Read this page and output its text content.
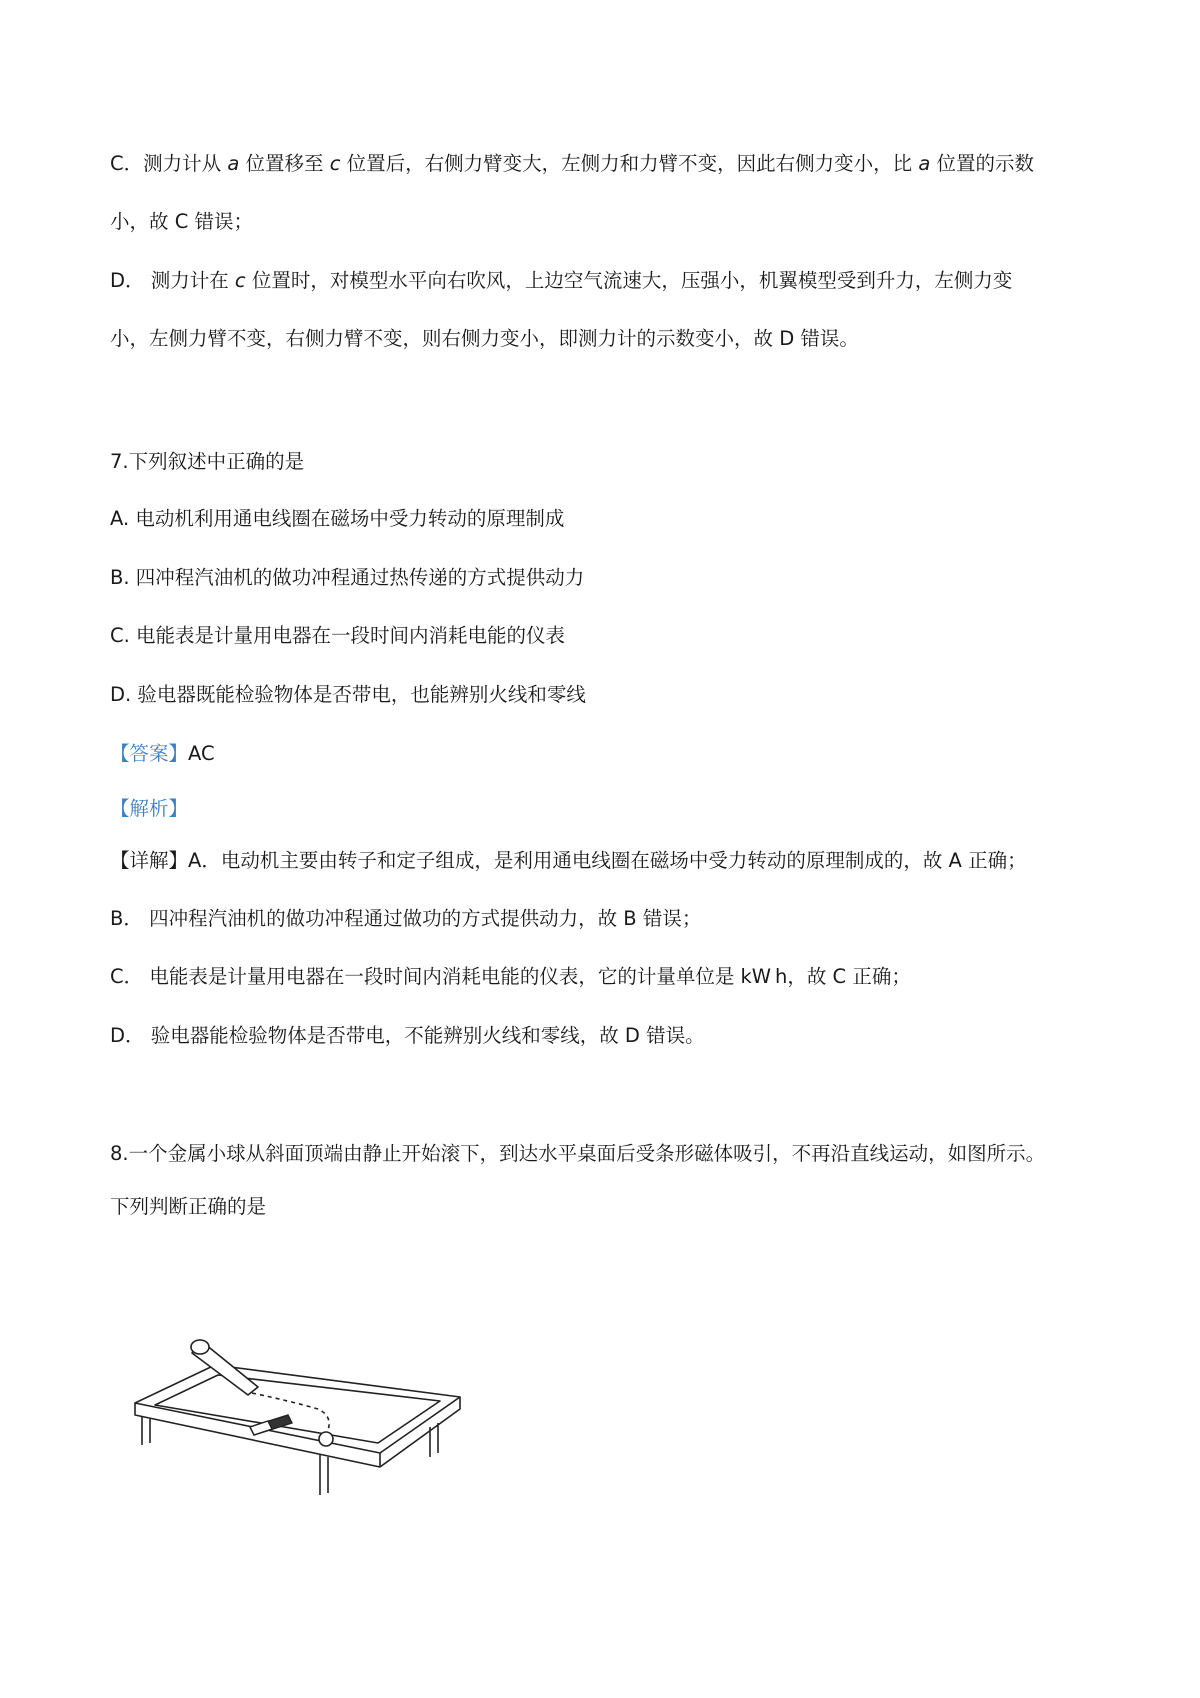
C．测力计从 a 位置移至 c 位置后，右侧力臂变大，左侧力和力臂不变，因此右侧力变小，比 a 位置的示数
小，故 C 错误；
D． 测力计在 c 位置时，对模型水平向右吹风，上边空气流速大，压强小，机翼模型受到升力，左侧力变
小，左侧力臂不变，右侧力臂不变，则右侧力变小，即测力计的示数变小，故 D 错误。
7.下列叙述中正确的是
A. 电动机利用通电线圈在磁场中受力转动的原理制成
B. 四冲程汽油机的做功冲程通过热传递的方式提供动力
C. 电能表是计量用电器在一段时间内消耗电能的仪表
D. 验电器既能检验物体是否带电，也能辨别火线和零线
【答案】AC
【解析】
【详解】A．电动机主要由转子和定子组成，是利用通电线圈在磁场中受力转动的原理制成的，故 A 正确；
B． 四冲程汽油机的做功冲程通过做功的方式提供动力，故 B 错误；
C． 电能表是计量用电器在一段时间内消耗电能的仪表，它的计量单位是 kW h，故 C 正确；
D． 验电器能检验物体是否带电，不能辨别火线和零线，故 D 错误。
8.一个金属小球从斜面顶端由静止开始滚下，到达水平桌面后受条形磁体吸引，不再沿直线运动，如图所示。
下列判断正确的是
